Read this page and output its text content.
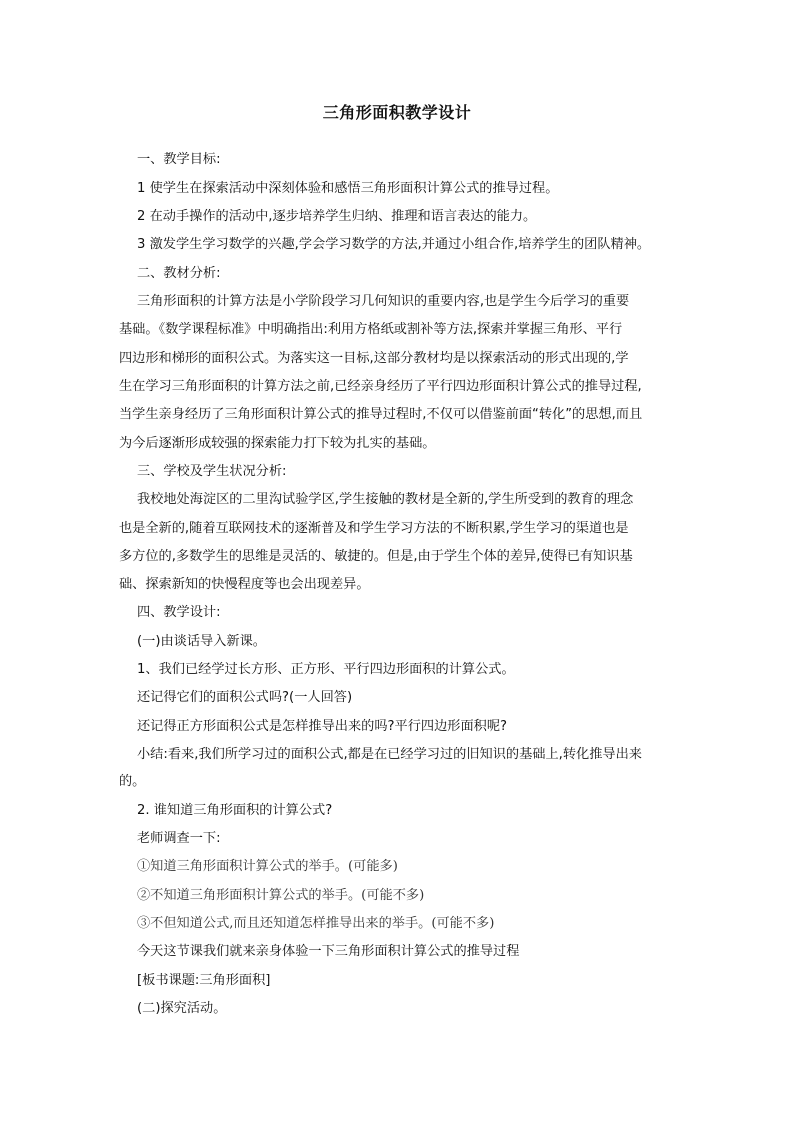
三角形面积教学设计
一、教学目标:
1 使学生在探索活动中深刻体验和感悟三角形面积计算公式的推导过程。
2 在动手操作的活动中,逐步培养学生归纳、推理和语言表达的能力。
3 激发学生学习数学的兴趣,学会学习数学的方法,并通过小组合作,培养学生的团队精神。
二、教材分析:
三角形面积的计算方法是小学阶段学习几何知识的重要内容,也是学生今后学习的重要
基础。《数学课程标准》中明确指出:利用方格纸或割补等方法,探索并掌握三角形、平行
四边形和梯形的面积公式。为落实这一目标,这部分教材均是以探索活动的形式出现的,学
生在学习三角形面积的计算方法之前,已经亲身经历了平行四边形面积计算公式的推导过程,
当学生亲身经历了三角形面积计算公式的推导过程时,不仅可以借鉴前面“转化”的思想,而且
为今后逐渐形成较强的探索能力打下较为扎实的基础。
三、学校及学生状况分析:
我校地处海淀区的二里沟试验学区,学生接触的教材是全新的,学生所受到的教育的理念
也是全新的,随着互联网技术的逐渐普及和学生学习方法的不断积累,学生学习的渠道也是
多方位的,多数学生的思维是灵活的、敏捷的。但是,由于学生个体的差异,使得已有知识基
础、探索新知的快慢程度等也会出现差异。
四、教学设计:
(一)由谈话导入新课。
1、我们已经学过长方形、正方形、平行四边形面积的计算公式。
还记得它们的面积公式吗?(一人回答)
还记得正方形面积公式是怎样推导出来的吗?平行四边形面积呢?
小结:看来,我们所学习过的面积公式,都是在已经学习过的旧知识的基础上,转化推导出来
的。
2. 谁知道三角形面积的计算公式?
老师调查一下:
①知道三角形面积计算公式的举手。(可能多)
②不知道三角形面积计算公式的举手。(可能不多)
③不但知道公式,而且还知道怎样推导出来的举手。(可能不多)
今天这节课我们就来亲身体验一下三角形面积计算公式的推导过程
[板书课题:三角形面积]
(二)探究活动。
